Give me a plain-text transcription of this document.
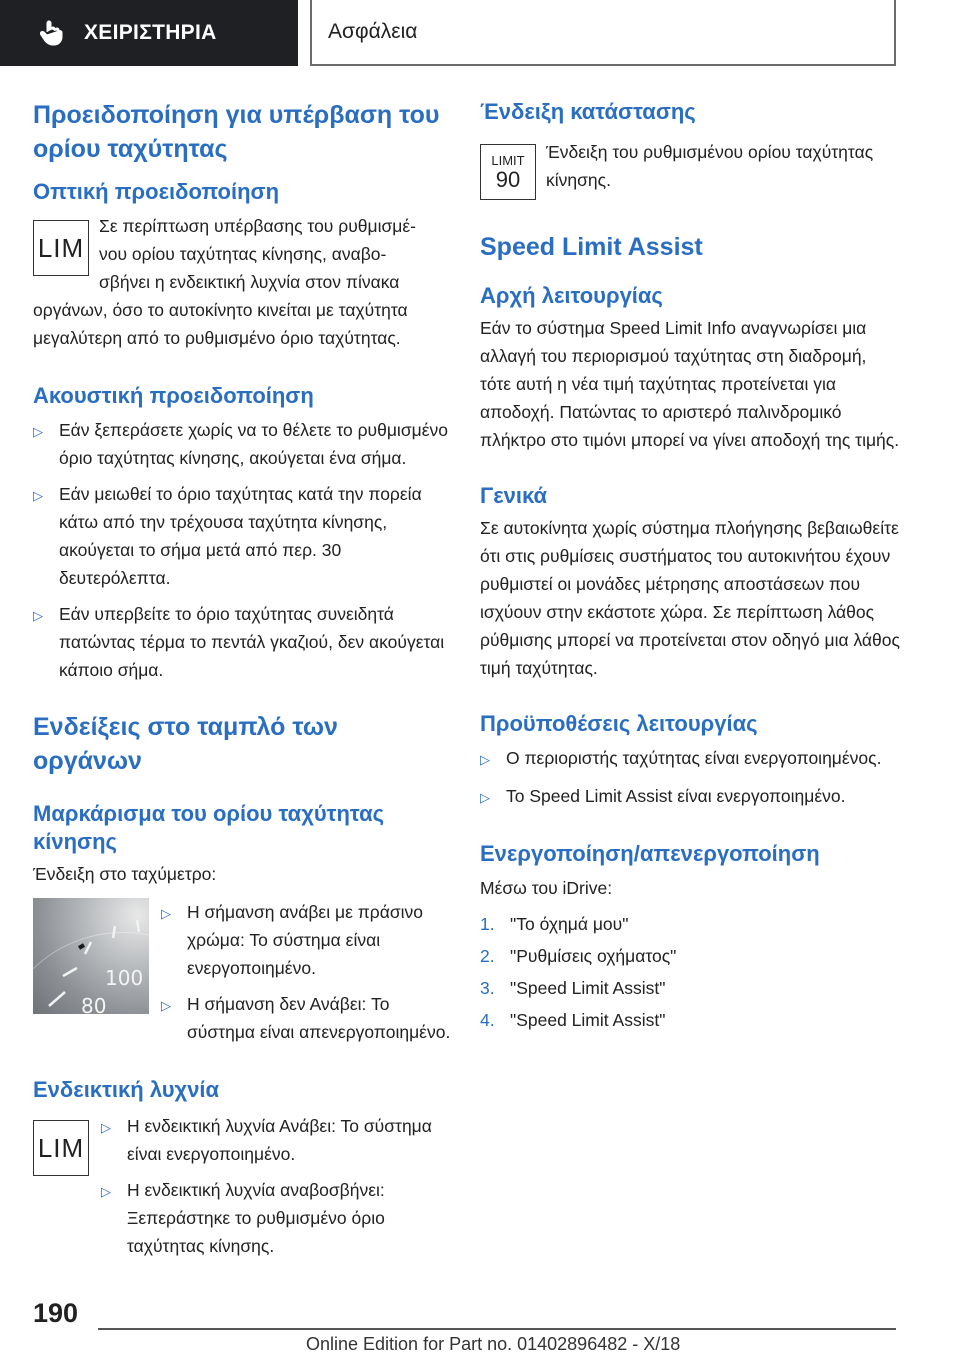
ΧΕΙΡΙΣΤΗΡΙΑ	Ασφάλεια
Προειδοποίηση για υπέρβαση του ορίου ταχύτητας
Οπτική προειδοποίηση
LIM
Σε περίπτωση υπέρβασης του ρυθμισμέ-
νου ορίου ταχύτητας κίνησης, αναβο-
σβήνει η ενδεικτική λυχνία στον πίνακα
οργάνων, όσο το αυτοκίνητο κινείται με ταχύτητα μεγαλύτερη από το ρυθμισμένο όριο ταχύτητας.
Ακουστική προειδοποίηση
▷ Εάν ξεπεράσετε χωρίς να το θέλετε το ρυθμισμένο όριο ταχύτητας κίνησης, ακούγεται ένα σήμα.
▷ Εάν μειωθεί το όριο ταχύτητας κατά την πορεία κάτω από την τρέχουσα ταχύτητα κίνησης, ακούγεται το σήμα μετά από περ. 30 δευτερόλεπτα.
▷ Εάν υπερβείτε το όριο ταχύτητας συνειδητά πατώντας τέρμα το πεντάλ γκαζιού, δεν ακούγεται κάποιο σήμα.
Ενδείξεις στο ταμπλό των οργάνων
Μαρκάρισμα του ορίου ταχύτητας κίνησης
Ένδειξη στο ταχύμετρο:
100
80
▷ Η σήμανση ανάβει με πράσινο χρώμα: Το σύστημα είναι ενεργοποιημένο.
▷ Η σήμανση δεν Ανάβει: Το σύστημα είναι απενεργοποιημένο.
Ενδεικτική λυχνία
LIM
▷ Η ενδεικτική λυχνία Ανάβει: Το σύστημα είναι ενεργοποιημένο.
▷ Η ενδεικτική λυχνία αναβοσβήνει: Ξεπεράστηκε το ρυθμισμένο όριο ταχύτητας κίνησης.
Ένδειξη κατάστασης
LIMIT
90
Ένδειξη του ρυθμισμένου ορίου ταχύτητας κίνησης.
Speed Limit Assist
Αρχή λειτουργίας
Εάν το σύστημα Speed Limit Info αναγνωρίσει μια αλλαγή του περιορισμού ταχύτητας στη διαδρομή, τότε αυτή η νέα τιμή ταχύτητας προτείνεται για αποδοχή. Πατώντας το αριστερό παλινδρομικό πλήκτρο στο τιμόνι μπορεί να γίνει αποδοχή της τιμής.
Γενικά
Σε αυτοκίνητα χωρίς σύστημα πλοήγησης βεβαιωθείτε ότι στις ρυθμίσεις συστήματος του αυτοκινήτου έχουν ρυθμιστεί οι μονάδες μέτρησης αποστάσεων που ισχύουν στην εκάστοτε χώρα. Σε περίπτωση λάθος ρύθμισης μπορεί να προτείνεται στον οδηγό μια λάθος τιμή ταχύτητας.
Προϋποθέσεις λειτουργίας
▷ Ο περιοριστής ταχύτητας είναι ενεργοποιημένος.
▷ Το Speed Limit Assist είναι ενεργοποιημένο.
Ενεργοποίηση/απενεργοποίηση
Μέσω του iDrive:
1. "Το όχημά μου"
2. "Ρυθμίσεις οχήματος"
3. "Speed Limit Assist"
4. "Speed Limit Assist"
190
Online Edition for Part no. 01402896482 - X/18
